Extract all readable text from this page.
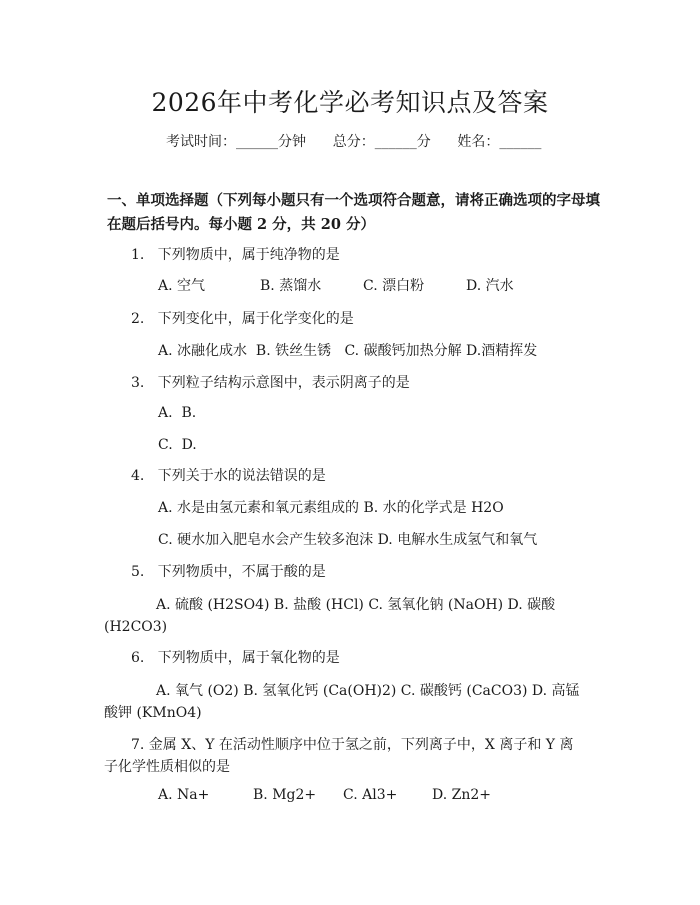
2026年中考化学必考知识点及答案
考试时间：______分钟 总分：______分 姓名：______
一、单项选择题（下列每小题只有一个选项符合题意，请将正确选项的字母填在题后括号内。每小题 2 分，共 20 分）
1.   下列物质中，属于纯净物的是
A. 空气	B. 蒸馏水	C. 漂白粉	D. 汽水
2.   下列变化中，属于化学变化的是
A. 冰融化成水  B. 铁丝生锈   C. 碳酸钙加热分解 D.酒精挥发
3.   下列粒子结构示意图中，表示阴离子的是
A.  B.
C.  D.
4.   下列关于水的说法错误的是
A. 水是由氢元素和氧元素组成的 B. 水的化学式是 H2O
C. 硬水加入肥皂水会产生较多泡沫 D. 电解水生成氢气和氧气
5.   下列物质中，不属于酸的是
A. 硫酸 (H2SO4) B. 盐酸 (HCl) C. 氢氧化钠 (NaOH) D. 碳酸 (H2CO3)
6.   下列物质中，属于氧化物的是
A. 氧气 (O2) B. 氢氧化钙 (Ca(OH)2) C. 碳酸钙 (CaCO3) D. 高锰酸钾 (KMnO4)
7. 金属 X、Y 在活动性顺序中位于氢之前，下列离子中，X 离子和 Y 离子化学性质相似的是
A. Na+	B. Mg2+ C. Al3+ D. Zn2+
